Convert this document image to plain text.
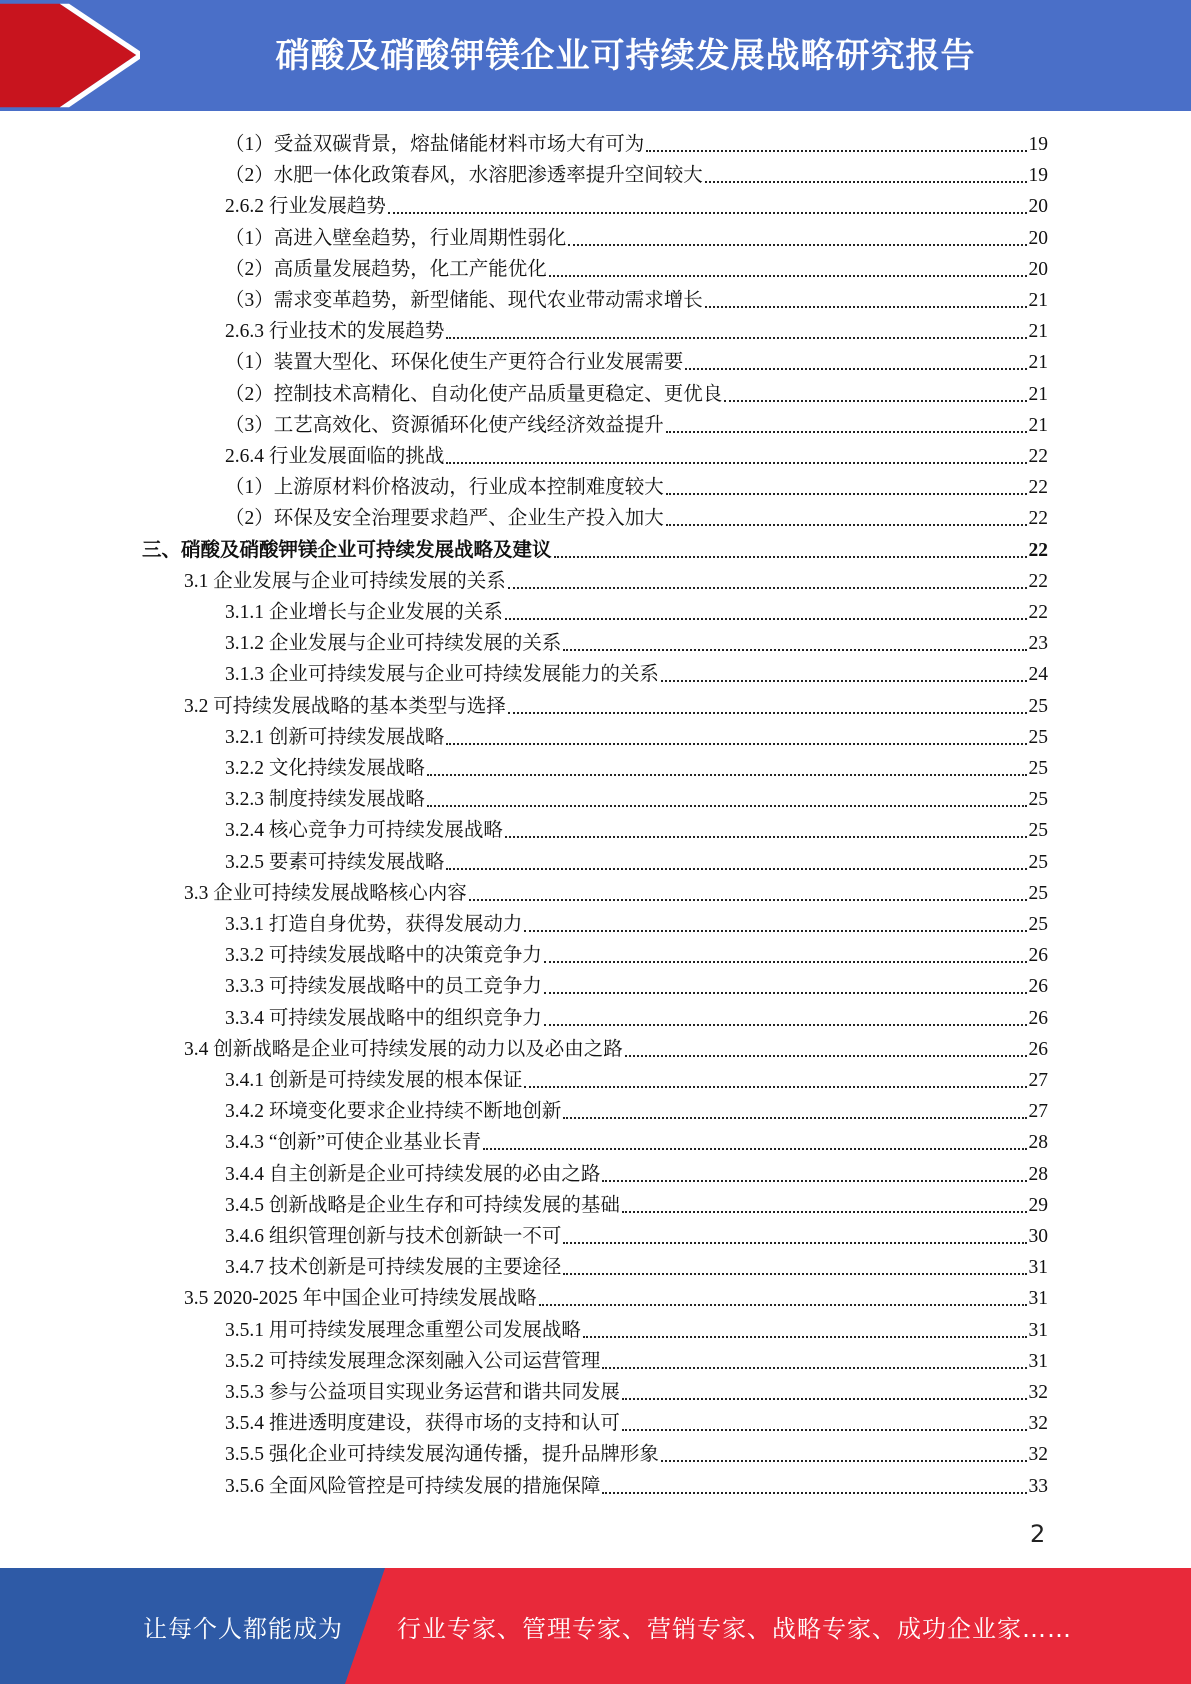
硝酸及硝酸钾镁企业可持续发展战略研究报告
（1）受益双碳背景，熔盐储能材料市场大有可为	19
（2）水肥一体化政策春风，水溶肥渗透率提升空间较大	19
2.6.2 行业发展趋势	20
（1）高进入壁垒趋势，行业周期性弱化	20
（2）高质量发展趋势，化工产能优化	20
（3）需求变革趋势，新型储能、现代农业带动需求增长	21
2.6.3 行业技术的发展趋势	21
（1）装置大型化、环保化使生产更符合行业发展需要	21
（2）控制技术高精化、自动化使产品质量更稳定、更优良	21
（3）工艺高效化、资源循环化使产线经济效益提升	21
2.6.4 行业发展面临的挑战	22
（1）上游原材料价格波动，行业成本控制难度较大	22
（2）环保及安全治理要求趋严、企业生产投入加大	22
三、硝酸及硝酸钾镁企业可持续发展战略及建议	22
3.1 企业发展与企业可持续发展的关系	22
3.1.1 企业增长与企业发展的关系	22
3.1.2 企业发展与企业可持续发展的关系	23
3.1.3 企业可持续发展与企业可持续发展能力的关系	24
3.2 可持续发展战略的基本类型与选择	25
3.2.1 创新可持续发展战略	25
3.2.2 文化持续发展战略	25
3.2.3 制度持续发展战略	25
3.2.4 核心竞争力可持续发展战略	25
3.2.5 要素可持续发展战略	25
3.3 企业可持续发展战略核心内容	25
3.3.1 打造自身优势，获得发展动力	25
3.3.2 可持续发展战略中的决策竞争力	26
3.3.3 可持续发展战略中的员工竞争力	26
3.3.4 可持续发展战略中的组织竞争力	26
3.4 创新战略是企业可持续发展的动力以及必由之路	26
3.4.1 创新是可持续发展的根本保证	27
3.4.2 环境变化要求企业持续不断地创新	27
3.4.3 “创新”可使企业基业长青	28
3.4.4 自主创新是企业可持续发展的必由之路	28
3.4.5 创新战略是企业生存和可持续发展的基础	29
3.4.6 组织管理创新与技术创新缺一不可	30
3.4.7 技术创新是可持续发展的主要途径	31
3.5 2020-2025 年中国企业可持续发展战略	31
3.5.1 用可持续发展理念重塑公司发展战略	31
3.5.2 可持续发展理念深刻融入公司运营管理	31
3.5.3 参与公益项目实现业务运营和谐共同发展	32
3.5.4 推进透明度建设，获得市场的支持和认可	32
3.5.5 强化企业可持续发展沟通传播，提升品牌形象	32
3.5.6 全面风险管控是可持续发展的措施保障	33
2
让每个人都能成为 行业专家、管理专家、营销专家、战略专家、成功企业家……
